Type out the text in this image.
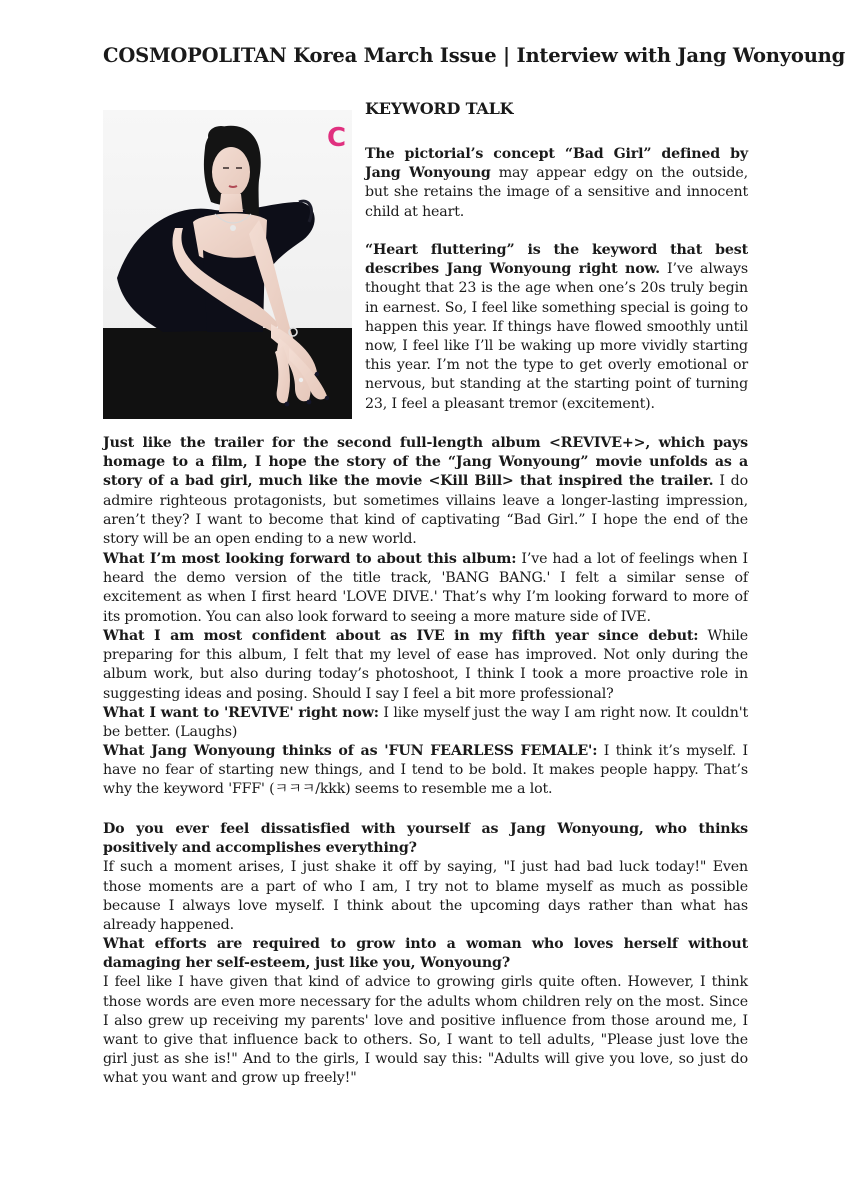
COSMOPOLITAN Korea March Issue | Interview with Jang Wonyoung
C
KEYWORD TALK

The pictorial’s concept “Bad Girl” defined by Jang Wonyoung may appear edgy on the outside, but she retains the image of a sensitive and innocent child at heart.

“Heart fluttering” is the keyword that best describes Jang Wonyoung right now. I’ve always thought that 23 is the age when one’s 20s truly begin in earnest. So, I feel like something special is going to happen this year. If things have flowed smoothly until now, I feel like I’ll be waking up more vividly starting this year. I’m not the type to get overly emotional or nervous, but standing at the starting point of turning 23, I feel a pleasant tremor (excitement).

Just like the trailer for the second full-length album <REVIVE+>, which pays homage to a film, I hope the story of the “Jang Wonyoung” movie unfolds as a story of a bad girl, much like the movie <Kill Bill> that inspired the trailer. I do admire righteous protagonists, but sometimes villains leave a longer-lasting impression, aren’t they? I want to become that kind of captivating “Bad Girl.” I hope the end of the story will be an open ending to a new world.

What I’m most looking forward to about this album: I’ve had a lot of feelings when I heard the demo version of the title track, 'BANG BANG.' I felt a similar sense of excitement as when I first heard 'LOVE DIVE.' That’s why I’m looking forward to more of its promotion. You can also look forward to seeing a more mature side of IVE.

What I am most confident about as IVE in my fifth year since debut: While preparing for this album, I felt that my level of ease has improved. Not only during the album work, but also during today’s photoshoot, I think I took a more proactive role in suggesting ideas and posing. Should I say I feel a bit more professional?

What I want to 'REVIVE' right now: I like myself just the way I am right now. It couldn't be better. (Laughs)

What Jang Wonyoung thinks of as 'FUN FEARLESS FEMALE': I think it’s myself. I have no fear of starting new things, and I tend to be bold. It makes people happy. That’s why the keyword 'FFF' (ㅋㅋㅋ/kkk) seems to resemble me a lot.

Do you ever feel dissatisfied with yourself as Jang Wonyoung, who thinks positively and accomplishes everything?
If such a moment arises, I just shake it off by saying, "I just had bad luck today!" Even those moments are a part of who I am, I try not to blame myself as much as possible because I always love myself. I think about the upcoming days rather than what has already happened.
What efforts are required to grow into a woman who loves herself without damaging her self-esteem, just like you, Wonyoung?
I feel like I have given that kind of advice to growing girls quite often. However, I think those words are even more necessary for the adults whom children rely on the most. Since I also grew up receiving my parents' love and positive influence from those around me, I want to give that influence back to others. So, I want to tell adults, "Please just love the girl just as she is!" And to the girls, I would say this: "Adults will give you love, so just do what you want and grow up freely!"
